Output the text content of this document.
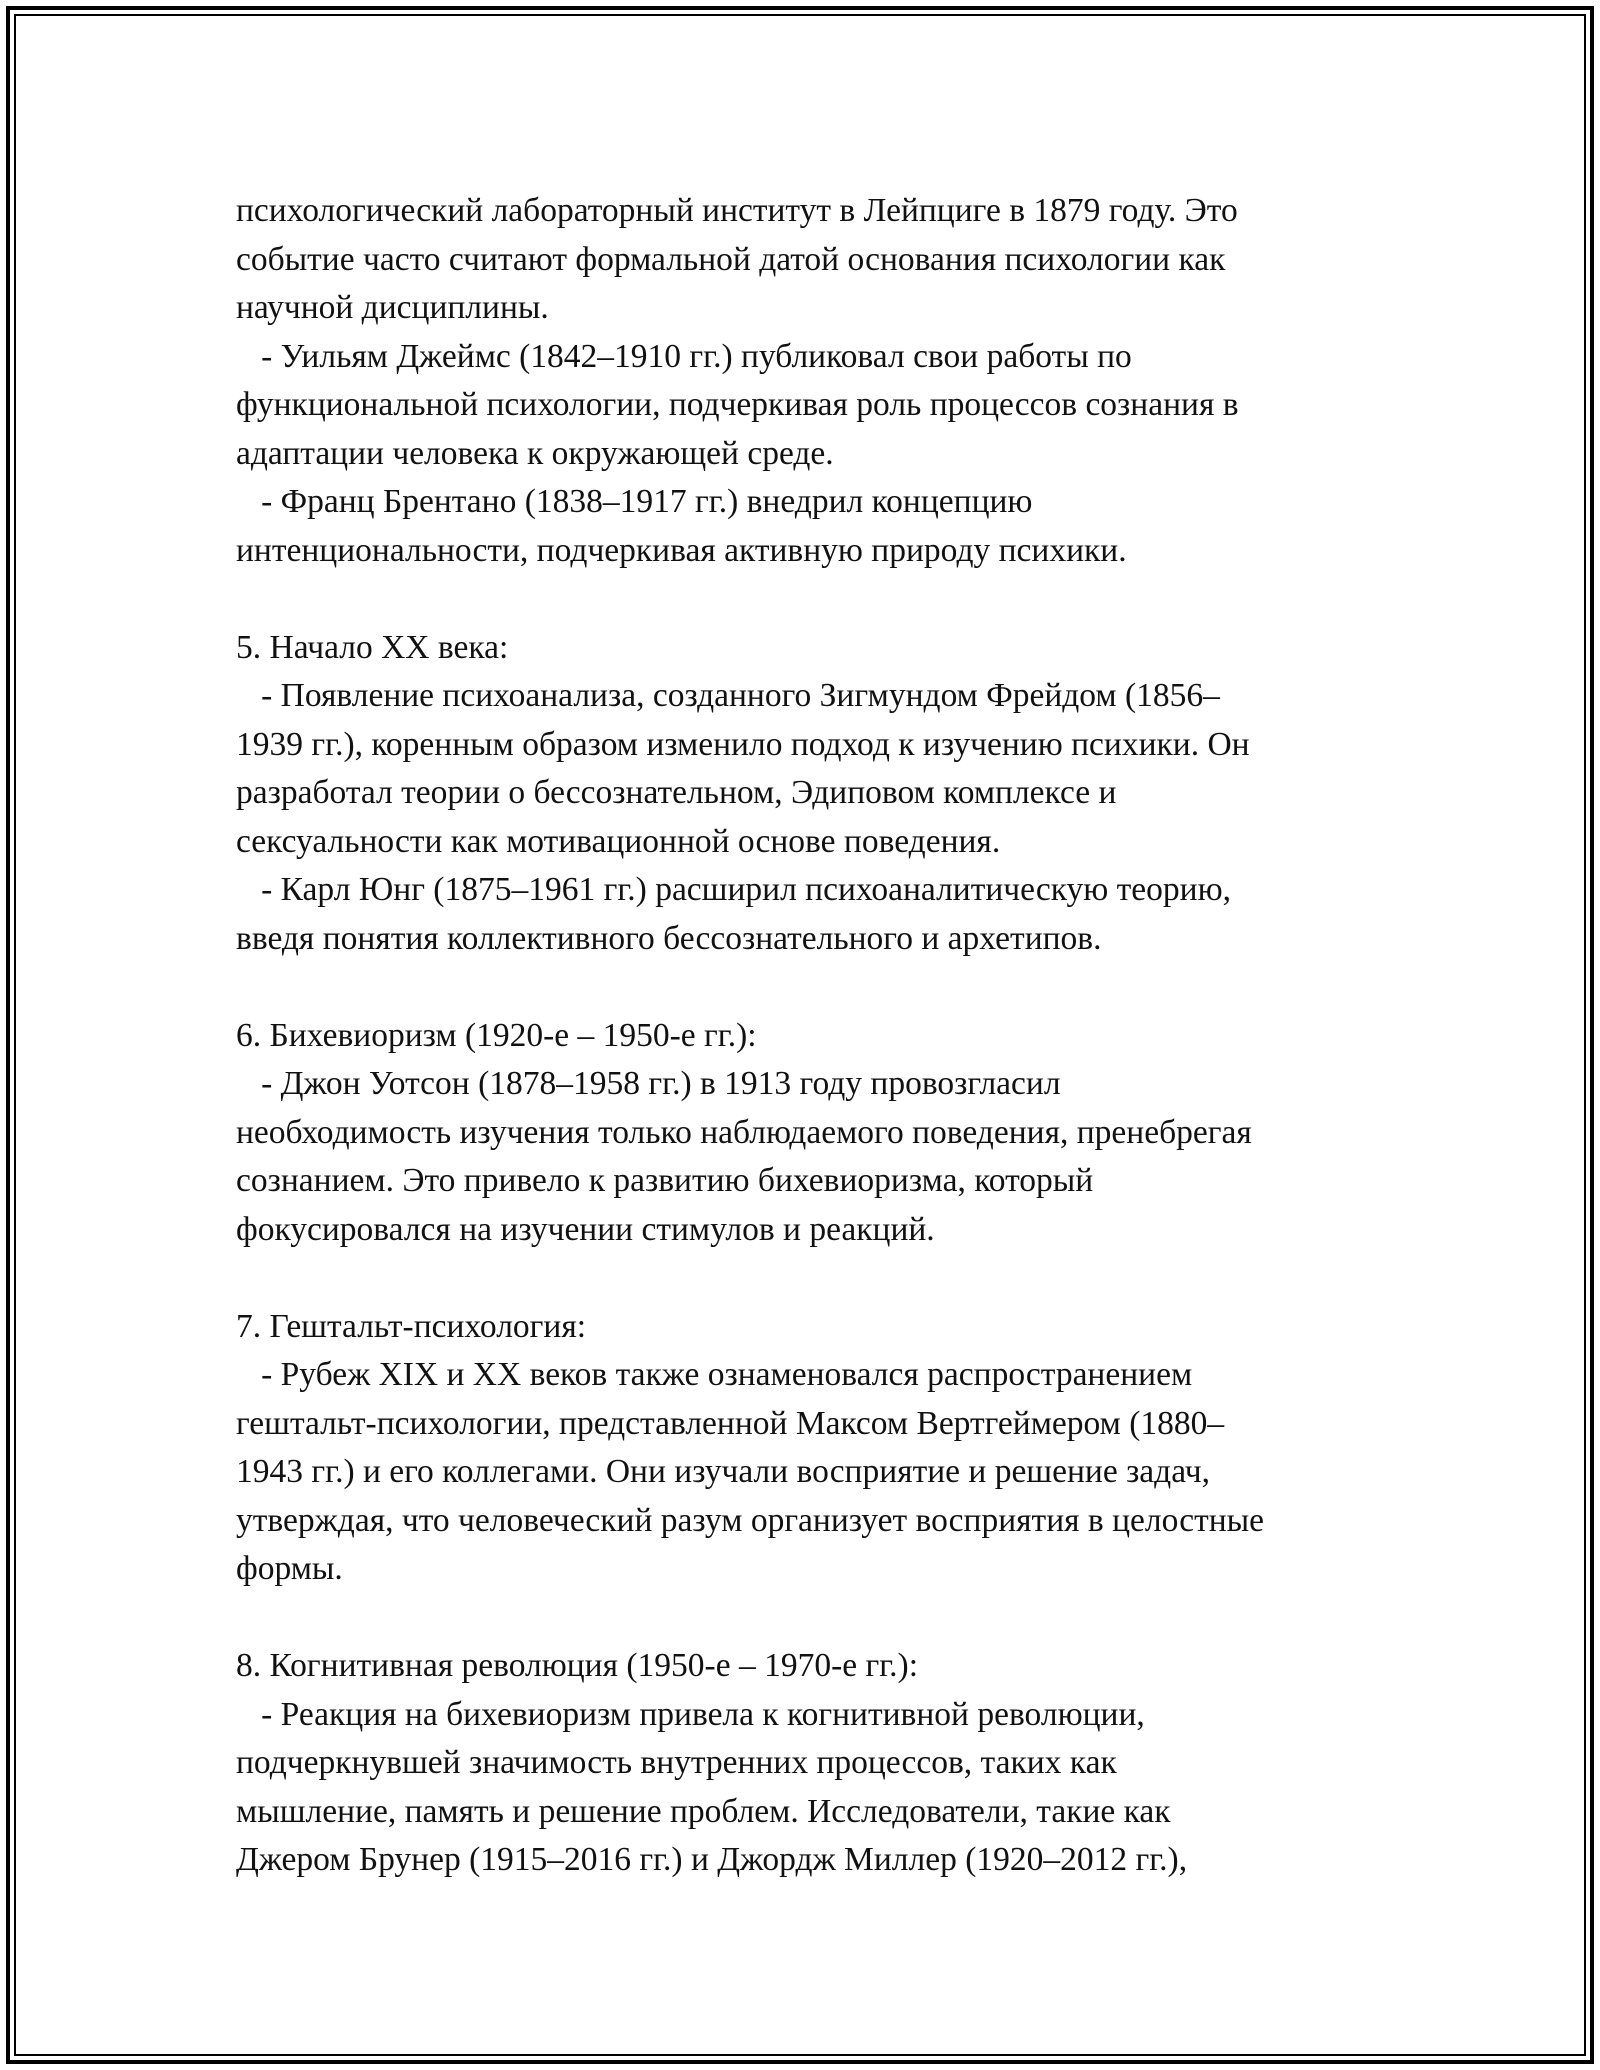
психологический лабораторный институт в Лейпциге в 1879 году. Это
событие часто считают формальной датой основания психологии как
научной дисциплины.
- Уильям Джеймс (1842–1910 гг.) публиковал свои работы по
функциональной психологии, подчеркивая роль процессов сознания в
адаптации человека к окружающей среде.
- Франц Брентано (1838–1917 гг.) внедрил концепцию
интенциональности, подчеркивая активную природу психики.
5. Начало XX века:
- Появление психоанализа, созданного Зигмундом Фрейдом (1856–
1939 гг.), коренным образом изменило подход к изучению психики. Он
разработал теории о бессознательном, Эдиповом комплексе и
сексуальности как мотивационной основе поведения.
- Карл Юнг (1875–1961 гг.) расширил психоаналитическую теорию,
введя понятия коллективного бессознательного и архетипов.
6. Бихевиоризм (1920-е – 1950-е гг.):
- Джон Уотсон (1878–1958 гг.) в 1913 году провозгласил
необходимость изучения только наблюдаемого поведения, пренебрегая
сознанием. Это привело к развитию бихевиоризма, который
фокусировался на изучении стимулов и реакций.
7. Гештальт-психология:
- Рубеж XIX и XX веков также ознаменовался распространением
гештальт-психологии, представленной Максом Вертгеймером (1880–
1943 гг.) и его коллегами. Они изучали восприятие и решение задач,
утверждая, что человеческий разум организует восприятия в целостные
формы.
8. Когнитивная революция (1950-е – 1970-е гг.):
- Реакция на бихевиоризм привела к когнитивной революции,
подчеркнувшей значимость внутренних процессов, таких как
мышление, память и решение проблем. Исследователи, такие как
Джером Брунер (1915–2016 гг.) и Джордж Миллер (1920–2012 гг.),
